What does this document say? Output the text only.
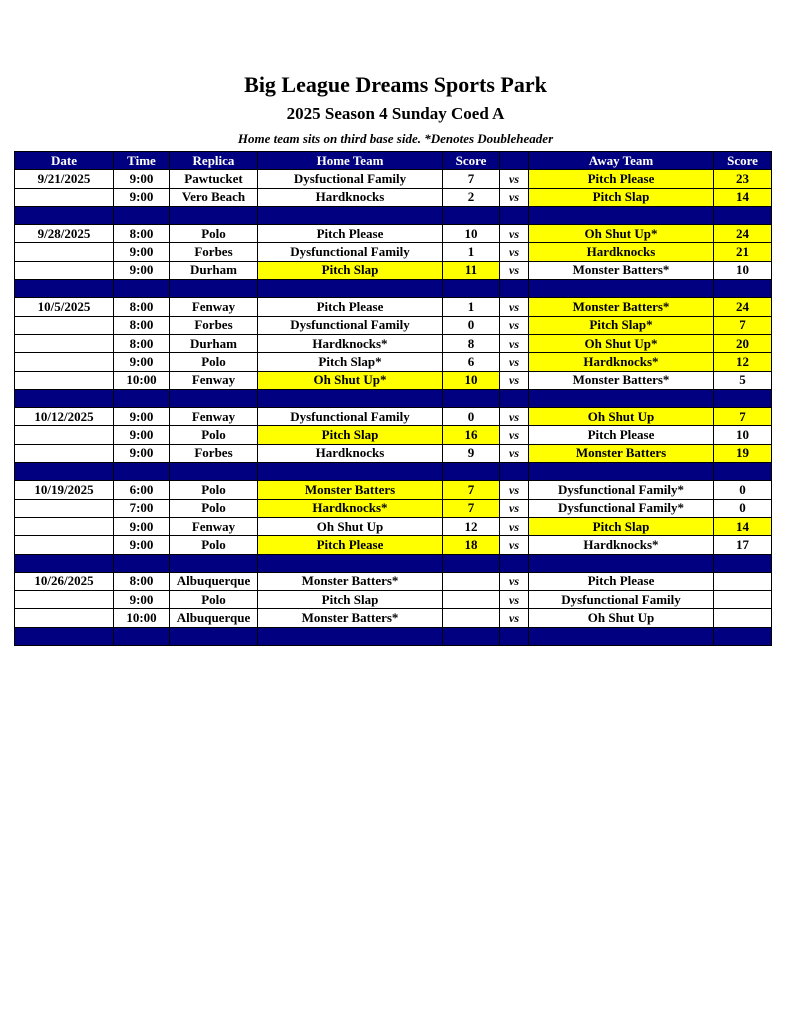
Big League Dreams Sports Park
2025 Season 4 Sunday Coed A
Home team sits on third base side. *Denotes Doubleheader
Date	Time	Replica	Home Team	Score		Away Team	Score
9/21/2025	9:00	Pawtucket	Dysfuctional Family	7	vs	Pitch Please	23
	9:00	Vero Beach	Hardknocks	2	vs	Pitch Slap	14

9/28/2025	8:00	Polo	Pitch Please	10	vs	Oh Shut Up*	24
	9:00	Forbes	Dysfunctional Family	1	vs	Hardknocks	21
	9:00	Durham	Pitch Slap	11	vs	Monster Batters*	10

10/5/2025	8:00	Fenway	Pitch Please	1	vs	Monster Batters*	24
	8:00	Forbes	Dysfunctional Family	0	vs	Pitch Slap*	7
	8:00	Durham	Hardknocks*	8	vs	Oh Shut Up*	20
	9:00	Polo	Pitch Slap*	6	vs	Hardknocks*	12
	10:00	Fenway	Oh Shut Up*	10	vs	Monster Batters*	5

10/12/2025	9:00	Fenway	Dysfunctional Family	0	vs	Oh Shut Up	7
	9:00	Polo	Pitch Slap	16	vs	Pitch Please	10
	9:00	Forbes	Hardknocks	9	vs	Monster Batters	19

10/19/2025	6:00	Polo	Monster Batters	7	vs	Dysfunctional Family*	0
	7:00	Polo	Hardknocks*	7	vs	Dysfunctional Family*	0
	9:00	Fenway	Oh Shut Up	12	vs	Pitch Slap	14
	9:00	Polo	Pitch Please	18	vs	Hardknocks*	17

10/26/2025	8:00	Albuquerque	Monster Batters*		vs	Pitch Please	
	9:00	Polo	Pitch Slap		vs	Dysfunctional Family	
	10:00	Albuquerque	Monster Batters*		vs	Oh Shut Up	
